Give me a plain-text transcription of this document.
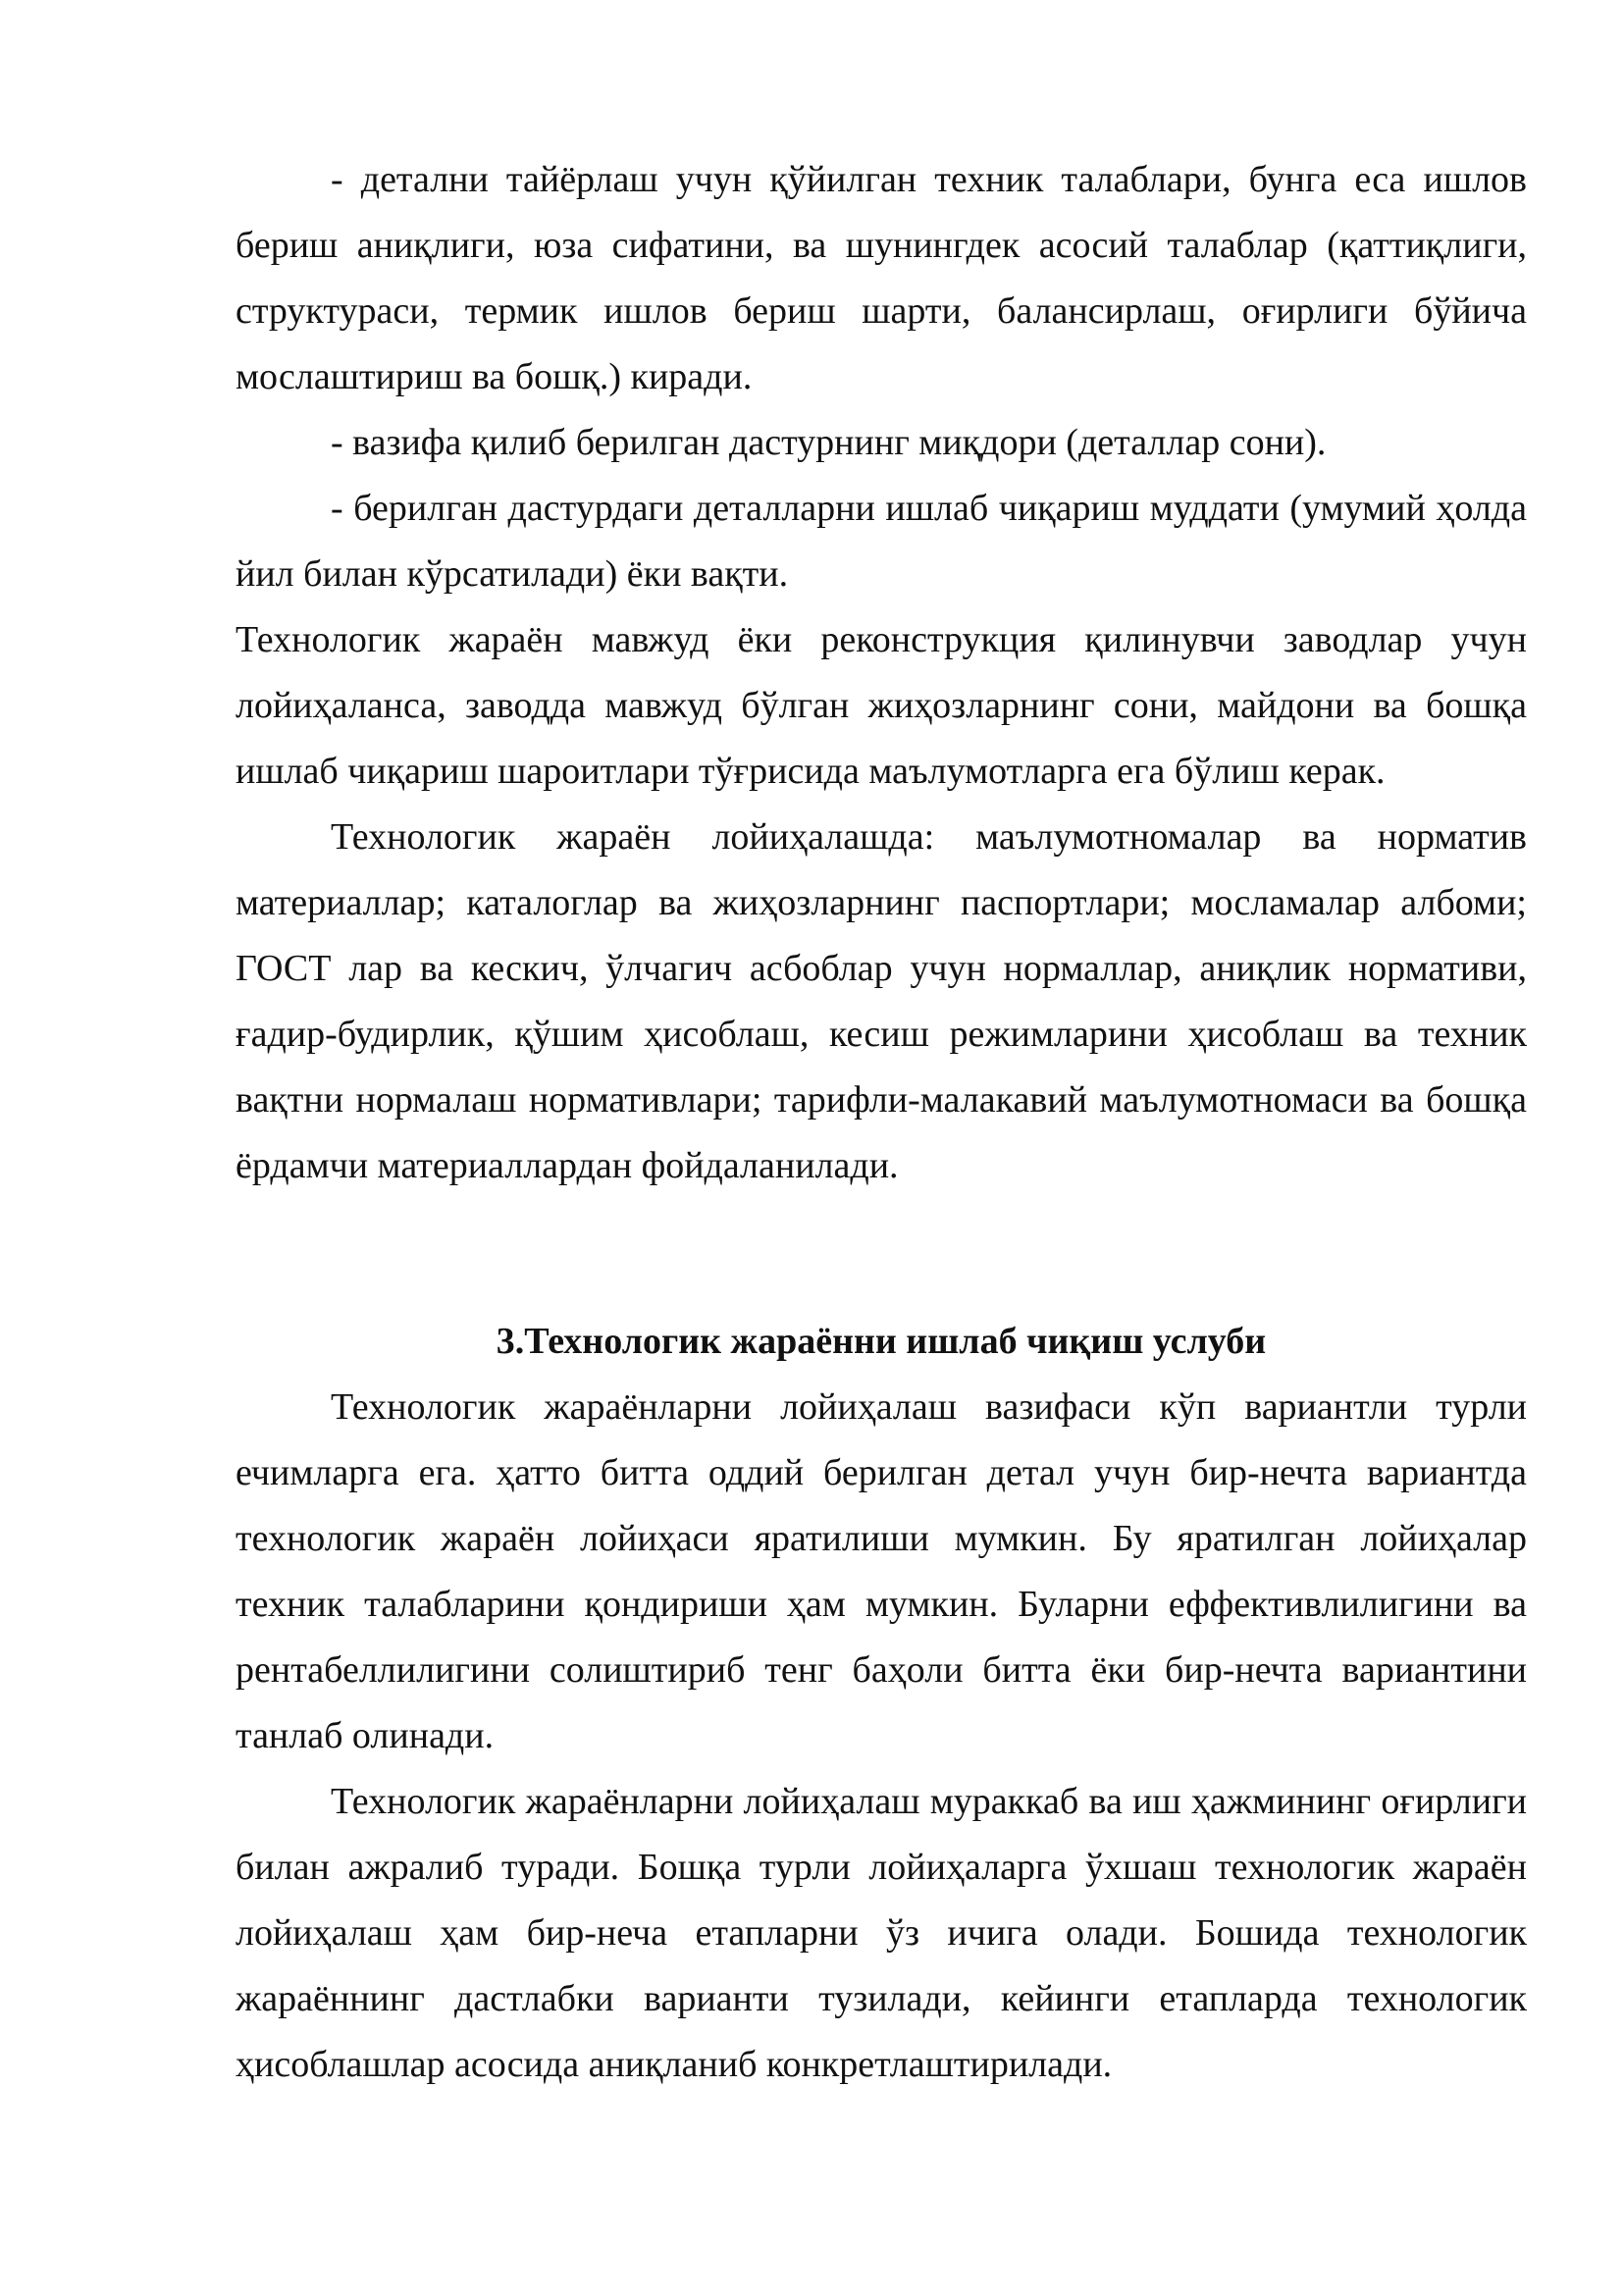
- детални тайёрлаш учун қўйилган техник талаблари, бунга еса ишлов бериш аниқлиги, юза сифатини, ва шунингдек асосий талаблар (қаттиқлиги, структураси, термик ишлов бериш шарти, балансирлаш, оғирлиги бўйича мослаштириш ва бошқ.) киради.

- вазифа қилиб берилган дастурнинг миқдори (деталлар сони).

- берилган дастурдаги деталларни ишлаб чиқариш муддати (умумий ҳолда йил билан кўрсатилади) ёки вақти.

Технологик жараён мавжуд ёки реконструкция қилинувчи заводлар учун лойиҳаланса, заводда мавжуд бўлган жиҳозларнинг сони, майдони ва бошқа ишлаб чиқариш шароитлари тўғрисида маълумотларга ега бўлиш керак.

Технологик жараён лойиҳалашда: маълумотномалар ва норматив материаллар; каталоглар ва жиҳозларнинг паспортлари; мосламалар албоми; ГОСТ лар ва кескич, ўлчагич асбоблар учун нормаллар, аниқлик нормативи, ғадир-будирлик, қўшим ҳисоблаш, кесиш режимларини ҳисоблаш ва техник вақтни нормалаш нормативлари; тарифли-малакавий маълумотномаси ва бошқа ёрдамчи материаллардан фойдаланилади.

3.Технологик жараённи ишлаб чиқиш услуби

Технологик жараёнларни лойиҳалаш вазифаси кўп вариантли турли ечимларга ега. ҳатто битта оддий берилган детал учун бир-нечта вариантда технологик жараён лойиҳаси яратилиши мумкин. Бу яратилган лойиҳалар техник талабларини қондириши ҳам мумкин. Буларни еффективлилигини ва рентабеллилигини солиштириб тенг баҳоли битта ёки бир-нечта вариантини танлаб олинади.

Технологик жараёнларни лойиҳалаш мураккаб ва иш ҳажмининг оғирлиги билан ажралиб туради. Бошқа турли лойиҳаларга ўхшаш технологик жараён лойиҳалаш ҳам бир-неча етапларни ўз ичига олади. Бошида технологик жараённинг дастлабки варианти тузилади, кейинги етапларда технологик ҳисоблашлар асосида аниқланиб конкретлаштирилади.
